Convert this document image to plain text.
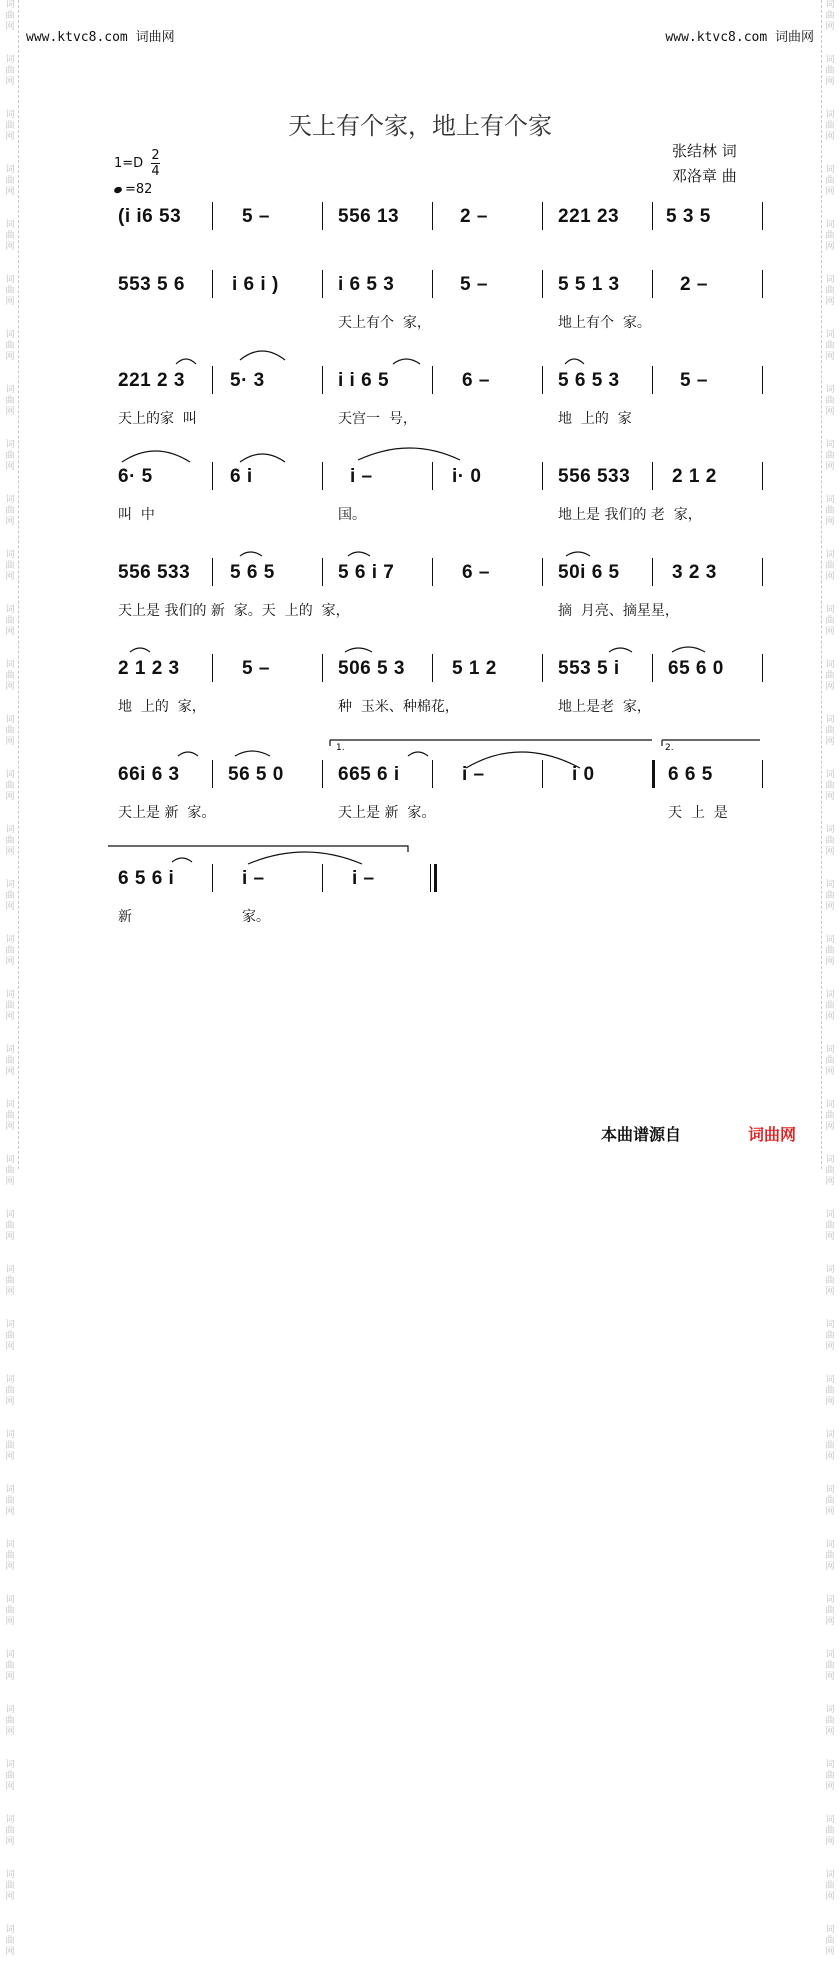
词
曲
网
词
曲
网
词
曲
网
词
曲
网
词
曲
网
词
曲
网
词
曲
网
词
曲
网
词
曲
网
词
曲
网
词
曲
网
词
曲
网
词
曲
网
词
曲
网
词
曲
网
词
曲
网
词
曲
网
词
曲
网
词
曲
网
词
曲
网
词
曲
网
词
曲
网
词
曲
网
词
曲
网
词
曲
网
词
曲
网
词
曲
网
词
曲
网
词
曲
网
词
曲
网
词
曲
网
词
曲
网
词
曲
网
词
曲
网
词
曲
网
词
曲
网
词
曲
网
词
曲
网
词
曲
网
词
曲
网
词
曲
网
词
曲
网
词
曲
网
词
曲
网
词
曲
网
词
曲
网
词
曲
网
词
曲
网
词
曲
网
词
曲
网
词
曲
网
词
曲
网
词
曲
网
词
曲
网
词
曲
网
词
曲
网
词
曲
网
词
曲
网
词
曲
网
词
曲
网
词
曲
网
词
曲
网
词
曲
网
词
曲
网
词
曲
网
词
曲
网
词
曲
网
词
曲
网
词
曲
网
词
曲
网
词
曲
网
词
曲
网
www.ktvc8.com 词曲网	www.ktvc8.com 词曲网
天上有个家，地上有个家
张结林 词
邓洛章 曲
$1=D \frac{2}{4}$
=82
(i i6 53	5 –	556 13	2 –	221 23 5 3 5
553 5 6 i 6 i )	i 6 5 3	5 –	5 5 1 3	2 –
天上有个  家，	地上有个  家。
221 2 3 5· 3	i i 6 5	6 –	5 6 5 3	5 –
天上的家  叫	天宫一  号，	地  上的  家
6· 5	6 i	i –	i· 0	556 533 2 1 2
叫  中	国。	地上是 我们的 老  家，
556 533 5 6 5	5 6 i 7	6 –	50i 6 5	3 2 3
天上是 我们的 新  家。天  上的  家，	摘  月亮、摘星星，
2 1 2 3	5 –	506 5 3 5 1 2	553 5 i	65 6 0
地  上的  家，	种  玉米、种棉花，	地上是老  家，
66i 6 3	56 5 0	665 6 i	i –	i 0	6 6 5
天上是 新  家。	天上是 新  家。	天  上  是
6 5 6 i	i –	i –
新	家。
1.	2.
本曲谱源自	词曲网
